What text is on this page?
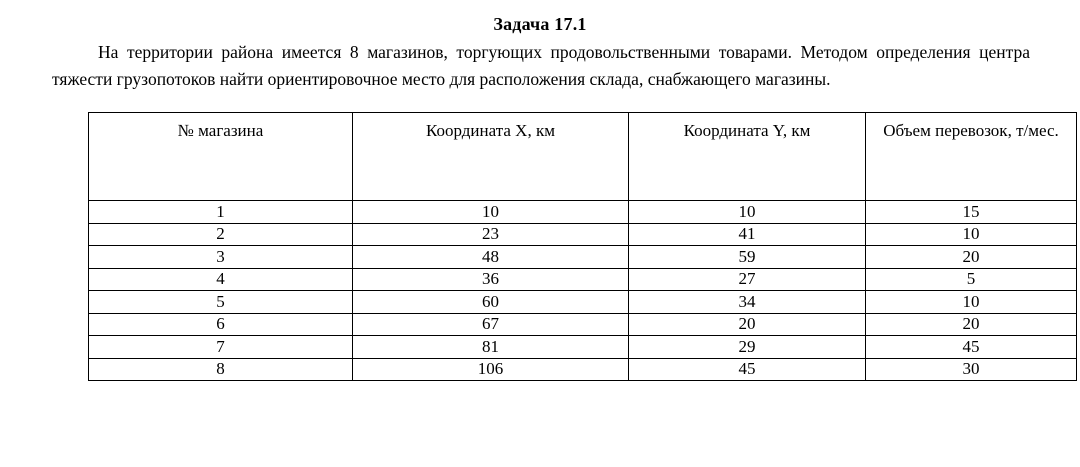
Задача 17.1

На территории района имеется 8 магазинов, торгующих продовольственными товарами. Методом определения центра тяжести грузопотоков найти ориентировочное место для расположения склада, снабжающего магазины.

№ магазина	Координата X, км	Координата Y, км	Объем перевозок, т/мес.
1	10	10	15
2	23	41	10
3	48	59	20
4	36	27	5
5	60	34	10
6	67	20	20
7	81	29	45
8	106	45	30
